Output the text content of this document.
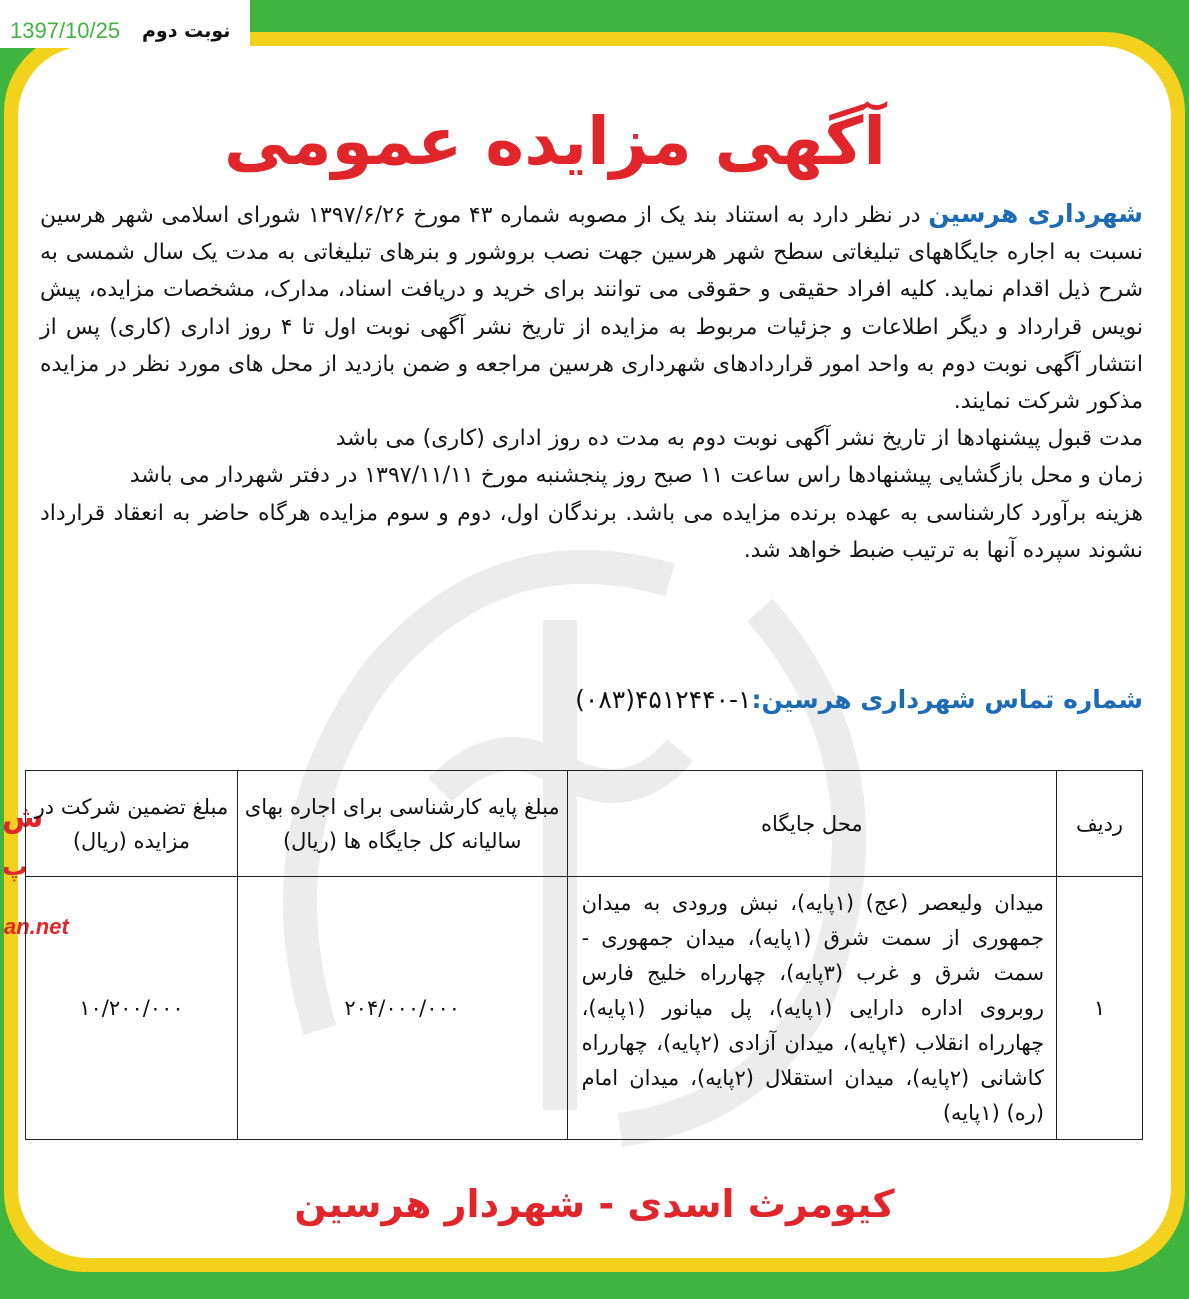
1397/10/25 نوبت دوم
آگهی مزایده عمومی

شهرداری هرسین در نظر دارد به استناد بند یک از مصوبه شماره ۴۳ مورخ ۱۳۹۷/۶/۲۶ شورای اسلامی شهر هرسین نسبت به اجاره جایگاههای تبلیغاتی سطح شهر هرسین جهت نصب بروشور و بنرهای تبلیغاتی به مدت یک سال شمسی به شرح ذیل اقدام نماید. کلیه افراد حقیقی و حقوقی می توانند برای خرید و دریافت اسناد، مدارک، مشخصات مزایده، پیش نویس قرارداد و دیگر اطلاعات و جزئیات مربوط به مزایده از تاریخ نشر آگهی نوبت اول تا ۴ روز اداری (کاری) پس از انتشار آگهی نوبت دوم به واحد امور قراردادهای شهرداری هرسین مراجعه و ضمن بازدید از محل های مورد نظر در مزایده مذکور شرکت نمایند.

مدت قبول پیشنهادها از تاریخ نشر آگهی نوبت دوم به مدت ده روز اداری (کاری) می باشد

زمان و محل بازگشایی پیشنهادها راس ساعت ۱۱ صبح روز پنجشنبه مورخ ۱۳۹۷/۱۱/۱۱ در دفتر شهردار می باشد

هزینه برآورد کارشناسی به عهده برنده مزایده می باشد. برندگان اول، دوم و سوم مزایده هرگاه حاضر به انعقاد قرارداد نشوند سپرده آنها به ترتیب ضبط خواهد شد.

شماره تماس شهرداری هرسین:۱-۴۵۱۲۴۴۰(۰۸۳)
ش
پ
an.net
ردیف	محل جایگاه	مبلغ پایه کارشناسی برای اجاره بهای سالیانه کل جایگاه ها (ریال)	مبلغ تضمین شرکت در مزایده (ریال)
۱	میدان ولیعصر (عج) (۱پایه)، نبش ورودی به میدان جمهوری از سمت شرق (۱پایه)، میدان جمهوری - سمت شرق و غرب (۳پایه)، چهارراه خلیج فارس روبروی اداره دارایی (۱پایه)، پل میانور (۱پایه)، چهارراه انقلاب (۴پایه)، میدان آزادی (۲پایه)، چهارراه کاشانی (۲پایه)، میدان استقلال (۲پایه)، میدان امام (ره) (۱پایه)	۲۰۴/۰۰۰/۰۰۰	۱۰/۲۰۰/۰۰۰
کیومرث اسدی - شهردار هرسین
